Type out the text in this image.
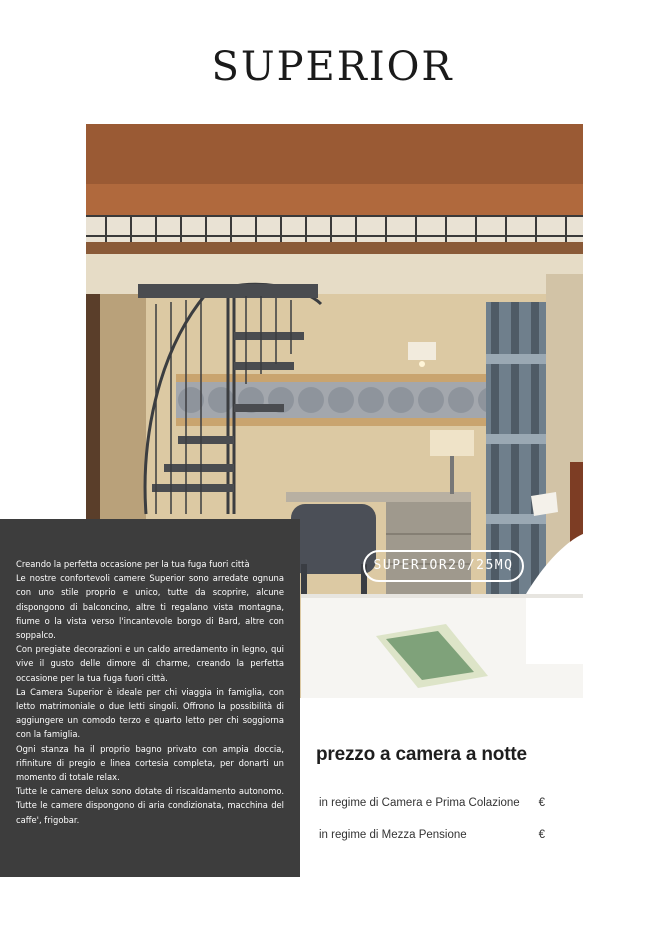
SUPERIOR
SUPERIOR20/25MQ

Creando la perfetta occasione per la tua fuga fuori città

Le nostre confortevoli camere Superior sono arredate ognuna con uno stile proprio e unico, tutte da scoprire, alcune dispongono di balconcino, altre ti regalano vista montagna, fiume o la vista verso l'incantevole borgo di Bard, altre con soppalco.

Con pregiate decorazioni e un caldo arredamento in legno, qui vive il gusto delle dimore di charme, creando la perfetta occasione per la tua fuga fuori città.

La Camera Superior è ideale per chi viaggia in famiglia, con letto matrimoniale o due letti singoli. Offrono la possibilità di aggiungere un comodo terzo e quarto letto per chi soggiorna con la famiglia.

Ogni stanza ha il proprio bagno privato con ampia doccia, rifiniture di pregio e linea cortesia completa, per donarti un momento di totale relax.

Tutte le camere delux sono dotate di riscaldamento autonomo. Tutte le camere dispongono di aria condizionata, macchina del caffe', frigobar.

prezzo a camera a notte
in regime di Camera e Prima Colazione €
in regime di Mezza Pensione	€
